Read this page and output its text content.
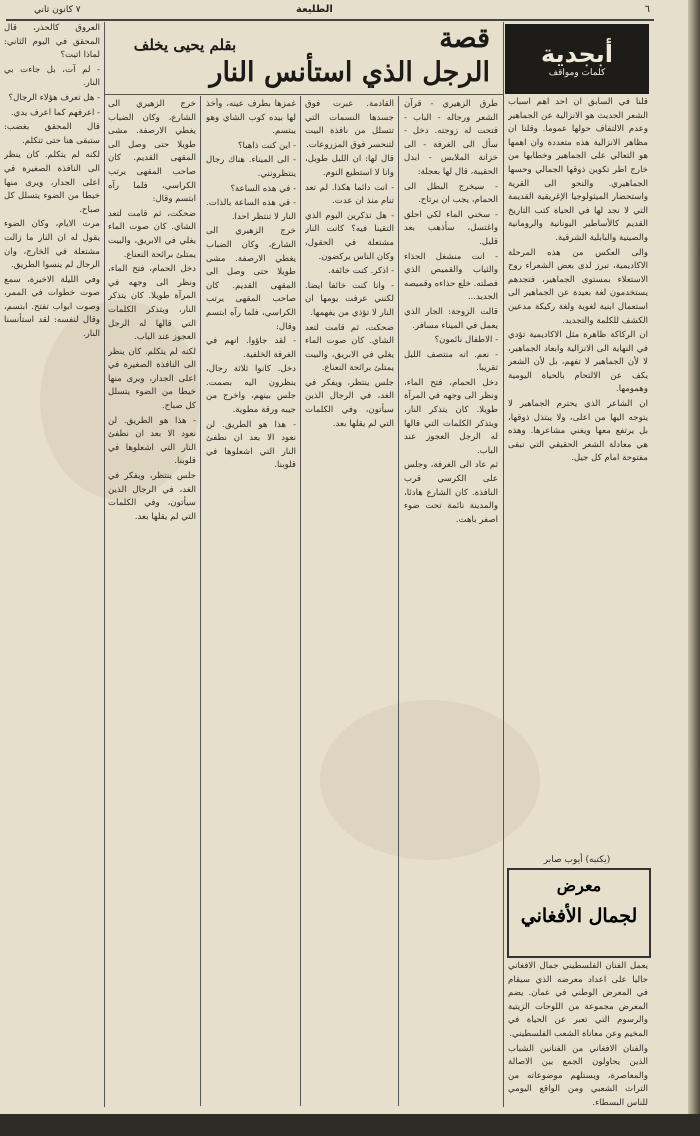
٦
الطليعة
٧ كانون ثاني
أبجدية
كلمات ومواقف
قصة
الرجل الذي استأنس النار
بقلم يحيى يخلف

قلنا في السابق ان احد اهم اسباب الشعر الحديث هو الانزالية عن الجماهير وعدم الالتفاف حولها عموما. وقلنا ان مظاهر الانزالية هذه متعددة وان اهمها هو التعالي على الجماهير وخطابها من خارج اطر تكوين ذوقها الجمالي وحسها الجماهيري. والنحو الى القرية واستحضار الميثولوجيا الإغريقية القديمة التي لا نجد لها في الحياة كتب التاريخ القديم كالأساطير اليونانية والرومانية والصينية والبابلية الشرقية.

والى العكس من هذه المرحلة الاكاديمية، تبرز لدى بعض الشعراء روح الاستعلاء بمستوى الجماهير، فتجدهم يستخدمون لغة بعيدة عن الجماهير الى استعمال ابنية لغوية ولغة ركيكة مدعين الكشف للكلمة والتجديد.

ان الركاكة ظاهرة مثل الاكاديمية تؤدي في النهاية الى الانزالية وابعاد الجماهير، لا لأن الجماهير لا تفهم، بل لأن الشعر يكف عن الالتحام بالحياة اليومية وهمومها.

ان الشاعر الذي يحترم الجماهير لا يتوجه اليها من اعلى، ولا يبتذل ذوقها، بل يرتفع معها ويغني مشاعرها. وهذه هي معادلة الشعر الحقيقي التي تبقى مفتوحة امام كل جيل.

(يكتبه) أيوب صابر
معرض
لجمال الأفغاني

يعمل الفنان الفلسطيني جمال الافغاني حاليا على اعداد معرضه الذي سيقام في المعرض الوطني في عمان. يضم المعرض مجموعة من اللوحات الزيتية والرسوم التي تعبر عن الحياة في المخيم وعن معاناة الشعب الفلسطيني.

والفنان الافغاني من الفنانين الشباب الذين يحاولون الجمع بين الاصالة والمعاصرة، ويستلهم موضوعاته من التراث الشعبي ومن الواقع اليومي للناس البسطاء.

طرق الزهيري - قرآن الشعر ورجاله - الباب - فتحت له زوجته. دخل - سأل الى الغرفة - الى خزانة الملابس - ابدل الحقيبة، قال لها بعجلة:

- سيخرج البطل الى الحمام، يجب ان يرتاح.

- سخني الماء لكي احلق واغتسل، سأذهب بعد قليل.

- انت منشغل الحذاء والثياب والقميص الذي فصلته. خلع حذاءه وقميصه الجديد...

قالت الزوجة: الجار الذي يعمل في الميناء مسافر.

- الاطفال نائمون؟

- نعم. انه منتصف الليل تقريبا.

دخل الحمام، فتح الماء، ونظر الى وجهه في المرآة طويلا. كان يتذكر النار، ويتذكر الكلمات التي قالها له الرجل العجوز عند الباب.

ثم عاد الى الغرفة، وجلس على الكرسي قرب النافذة. كان الشارع هادئا، والمدينة نائمة تحت ضوء اصفر باهت.

القادمة. عبرت فوق جسدها النسمات التي تتسلل من نافذة البيت لتنحسر فوق المزروعات.

قال لها: ان الليل طويل، وانا لا استطيع النوم.

- انت دائما هكذا. لم تعد تنام منذ ان عدت.

- هل تذكرين اليوم الذي التقينا فيه؟ كانت النار مشتعلة في الحقول، وكان الناس يركضون.

- اذكر. كنت خائفة.

- وانا كنت خائفا ايضا. لكنني عرفت يومها ان النار لا تؤذي من يفهمها.

ضحكت، ثم قامت لتعد الشاي. كان صوت الماء يغلي في الابريق، والبيت يمتلئ برائحة النعناع.

جلس ينتظر، ويفكر في الغد، في الرجال الذين سيأتون، وفي الكلمات التي لم يقلها بعد.

غمزها بطرف عينه، وأخذ لها بيده كوب الشاي وهو يبتسم.

- اين كنت ذاهبا؟

- الى الميناء. هناك رجال ينتظرونني.

- في هذه الساعة؟

- في هذه الساعة بالذات. النار لا تنتظر احدا.

خرج الزهيري الى الشارع، وكان الضباب يغطي الارصفة. مشى طويلا حتى وصل الى المقهى القديم. كان صاحب المقهى يرتب الكراسي، فلما رآه ابتسم وقال:

- لقد جاؤوا. انهم في الغرفة الخلفية.

دخل. كانوا ثلاثة رجال، ينظرون اليه بصمت. جلس بينهم، واخرج من جيبه ورقة مطوية.

- هذا هو الطريق. لن نعود الا بعد ان نطفئ النار التي اشعلوها في قلوبنا.

العروق كالحذر، قال المحقق في اليوم الثاني: لماذا اتيت؟

- لم آت، بل جاءت بي النار.

- هل تعرف هؤلاء الرجال؟

- اعرفهم كما اعرف يدي.

قال المحقق بغضب: ستبقى هنا حتى تتكلم.

لكنه لم يتكلم. كان ينظر الى النافذة الصغيرة في اعلى الجدار، ويرى منها خيطا من الضوء يتسلل كل صباح.

مرت الايام، وكان الضوء يقول له ان النار ما زالت مشتعلة في الخارج، وان الرجال لم ينسوا الطريق.

وفي الليلة الاخيرة، سمع صوت خطوات في الممر، وصوت ابواب تفتح. ابتسم، وقال لنفسه: لقد استأنسنا النار.

خرج الزهيري الى الشارع، وكان الضباب يغطي الارصفة. مشى طويلا حتى وصل الى المقهى القديم. كان صاحب المقهى يرتب الكراسي، فلما رآه ابتسم وقال:

ضحكت، ثم قامت لتعد الشاي. كان صوت الماء يغلي في الابريق، والبيت يمتلئ برائحة النعناع.

دخل الحمام، فتح الماء، ونظر الى وجهه في المرآة طويلا. كان يتذكر النار، ويتذكر الكلمات التي قالها له الرجل العجوز عند الباب.

لكنه لم يتكلم. كان ينظر الى النافذة الصغيرة في اعلى الجدار، ويرى منها خيطا من الضوء يتسلل كل صباح.

- هذا هو الطريق. لن نعود الا بعد ان نطفئ النار التي اشعلوها في قلوبنا.

جلس ينتظر، ويفكر في الغد، في الرجال الذين سيأتون، وفي الكلمات التي لم يقلها بعد.
